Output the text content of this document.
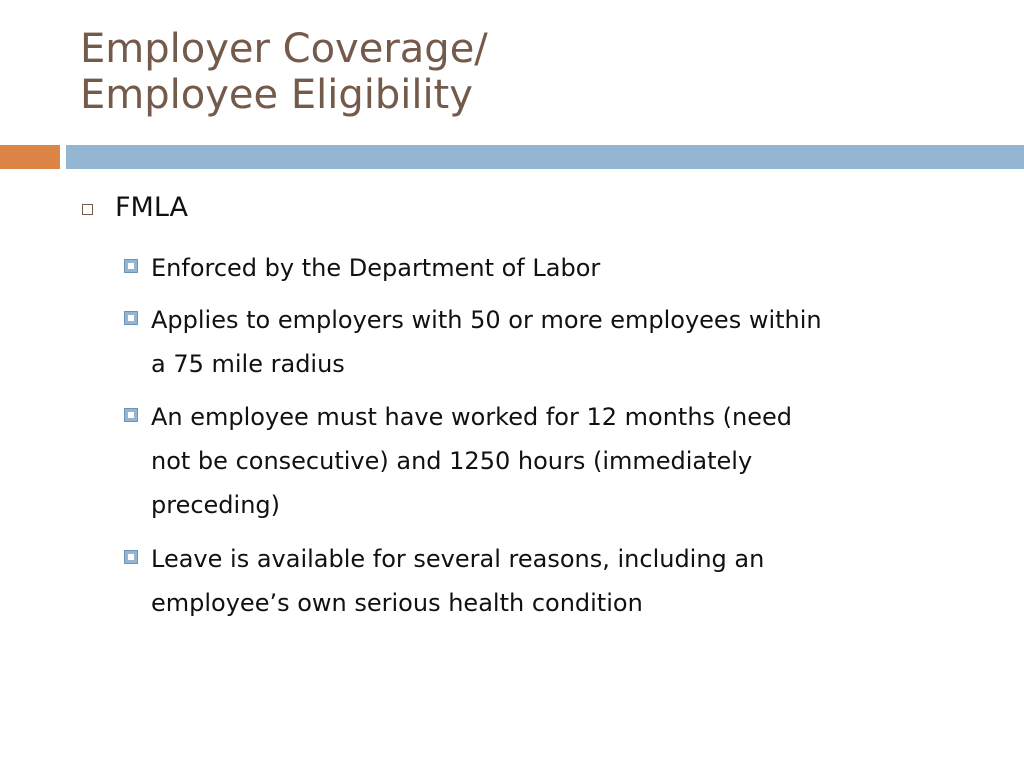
Employer Coverage/
Employee Eligibility
FMLA
Enforced by the Department of Labor
Applies to employers with 50 or more employees within
a 75 mile radius
An employee must have worked for 12 months (need
not be consecutive) and 1250 hours (immediately
preceding)
Leave is available for several reasons, including an
employee’s own serious health condition
